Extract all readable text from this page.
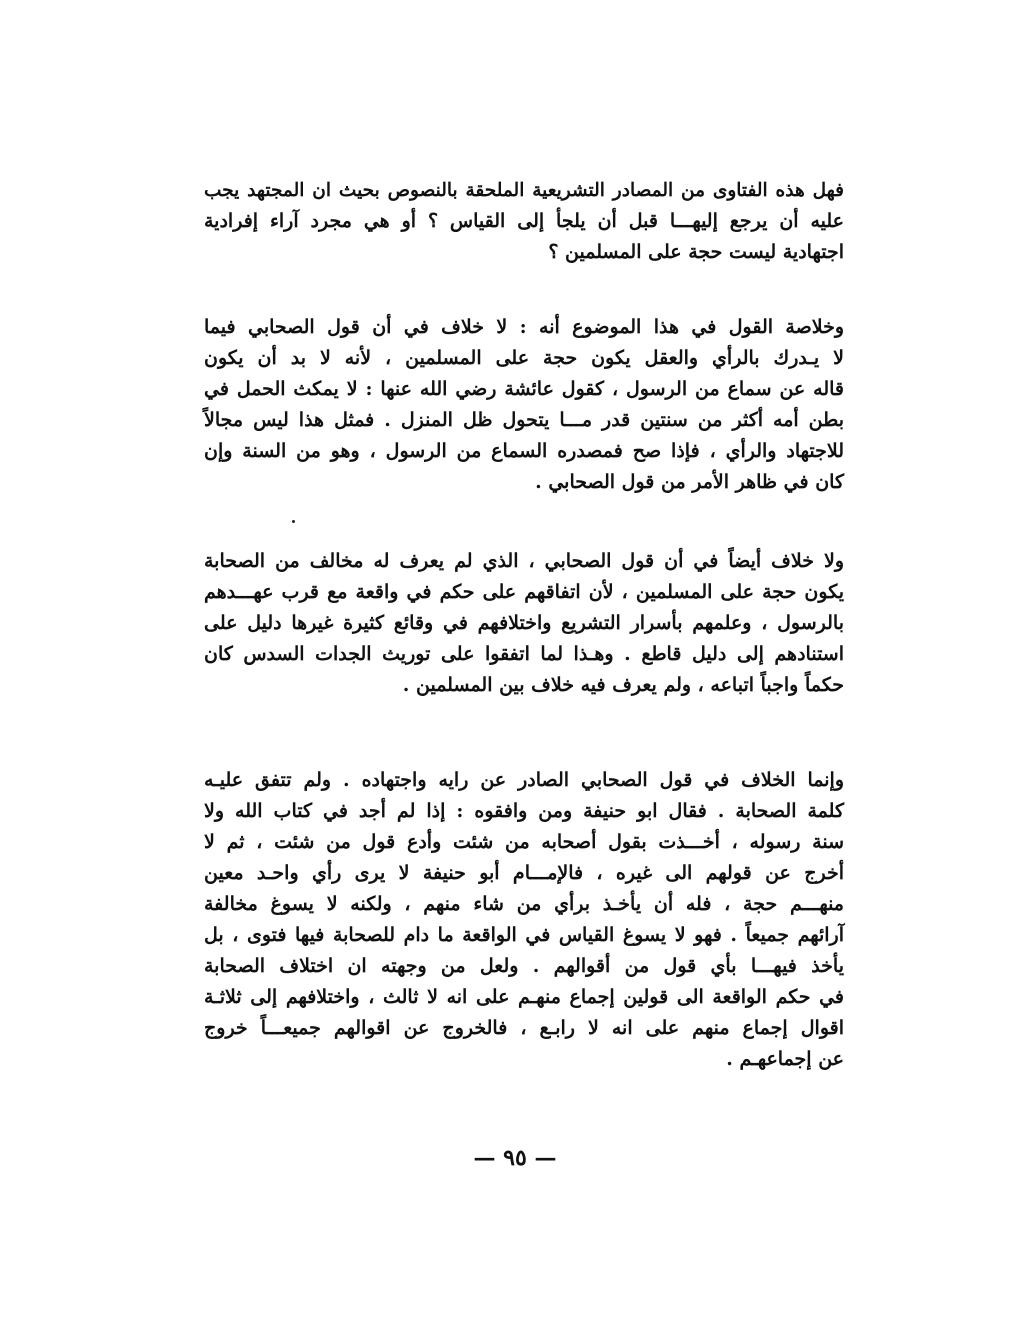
فهل هذه الفتاوى من المصادر التشريعية الملحقة بالنصوص بحيث ان المجتهد يجب
عليه أن يرجع إليهـــا قبل أن يلجأ إلى القياس ؟ أو هي مجرد آراء إفرادية
اجتهادية ليست حجة على المسلمين ؟
وخلاصة القول في هذا الموضوع أنه : لا خلاف في أن قول الصحابي فيما
لا يـدرك بالرأي والعقل يكون حجة على المسلمين ، لأنه لا بد أن يكون
قاله عن سماع من الرسول ، كقول عائشة رضي الله عنها : لا يمكث الحمل في
بطن أمه أكثر من سنتين قدر مـــا يتحول ظل المنزل . فمثل هذا ليس مجالاً
للاجتهاد والرأي ، فإذا صح فمصدره السماع من الرسول ، وهو من السنة وإن
كان في ظاهر الأمر من قول الصحابي .
ولا خلاف أيضاً في أن قول الصحابي ، الذي لم يعرف له مخالف من الصحابة
يكون حجة على المسلمين ، لأن اتفاقهم على حكم في واقعة مع قرب عهـــدهم
بالرسول ، وعلمهم بأسرار التشريع واختلافهم في وقائع كثيرة غيرها دليل على
استنادهم إلى دليل قاطع . وهـذا لما اتفقوا على توريث الجدات السدس كان
حكماً واجباً اتباعه ، ولم يعرف فيه خلاف بين المسلمين .
وإنما الخلاف في قول الصحابي الصادر عن رايه واجتهاده . ولم تتفق عليـه
كلمة الصحابة . فقال ابو حنيفة ومن وافقوه : إذا لم أجد في كتاب الله ولا
سنة رسوله ، أخـــذت بقول أصحابه من شئت وأدع قول من شئت ، ثم لا
أخرج عن قولهم الى غيره ، فالإمـــام أبو حنيفة لا يرى رأي واحـد معين
منهـــم حجة ، فله أن يأخـذ برأي من شاء منهم ، ولكنه لا يسوغ مخالفة
آرائهم جميعاً . فهو لا يسوغ القياس في الواقعة ما دام للصحابة فيها فتوى ، بل
يأخذ فيهـــا بأي قول من أقوالهم . ولعل من وجهته ان اختلاف الصحابة
في حكم الواقعة الى قولين إجماع منهـم على انه لا ثالث ، واختلافهم إلى ثلاثـة
اقوال إجماع منهم على انه لا رابـع ، فالخروج عن اقوالهم جميعـــاً خروج
عن إجماعهـم .
— ٩٥ —
